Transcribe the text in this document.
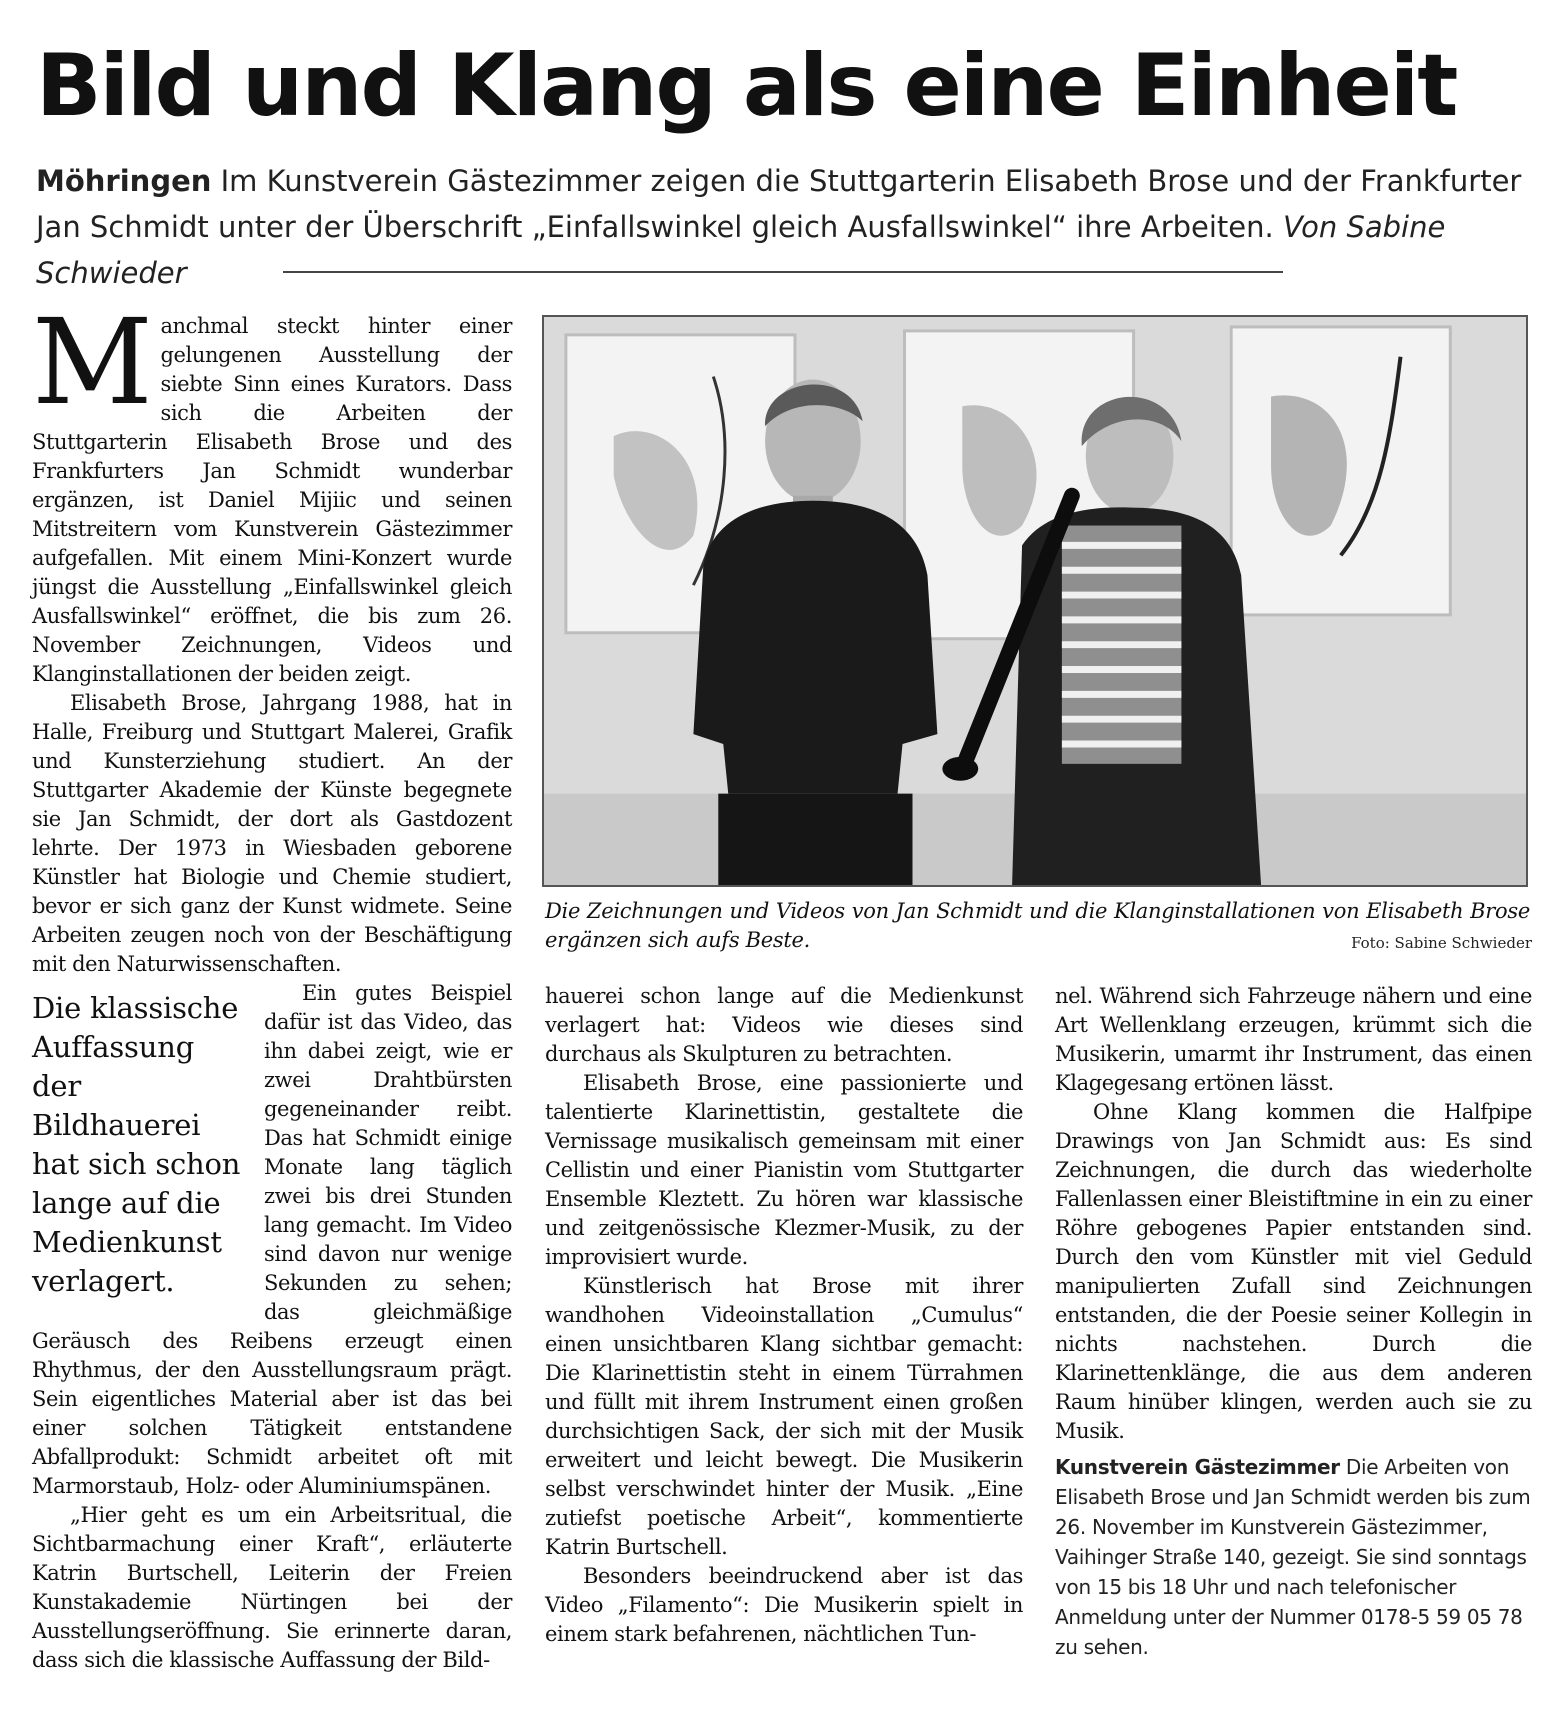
Bild und Klang als eine Einheit

Möhringen Im Kunstverein Gästezimmer zeigen die Stuttgarterin Elisabeth Brose und der Frankfurter Jan Schmidt unter der Überschrift „Einfallswinkel gleich Ausfallswinkel“ ihre Arbeiten. Von Sabine Schwieder

Manchmal steckt hinter einer gelungenen Ausstellung der siebte Sinn eines Kurators. Dass sich die Arbeiten der Stuttgarterin Elisabeth Brose und des Frankfurters Jan Schmidt wunderbar ergänzen, ist Daniel Mijiic und seinen Mitstreitern vom Kunstverein Gästezimmer aufgefallen. Mit einem Mini-Konzert wurde jüngst die Ausstellung „Einfallswinkel gleich Ausfallswinkel“ eröffnet, die bis zum 26. November Zeichnungen, Videos und Klanginstallationen der beiden zeigt.

Elisabeth Brose, Jahrgang 1988, hat in Halle, Freiburg und Stuttgart Malerei, Grafik und Kunsterziehung studiert. An der Stuttgarter Akademie der Künste begegnete sie Jan Schmidt, der dort als Gastdozent lehrte. Der 1973 in Wiesbaden geborene Künstler hat Biologie und Chemie studiert, bevor er sich ganz der Kunst widmete. Seine Arbeiten zeugen noch von der Beschäftigung mit den Naturwissenschaften.

Die klassische Auffassung der Bildhauerei hat sich schon lange auf die Medienkunst verlagert.

Ein gutes Beispiel dafür ist das Video, das ihn dabei zeigt, wie er zwei Drahtbürsten gegeneinander reibt. Das hat Schmidt einige Monate lang täglich zwei bis drei Stunden lang gemacht. Im Video sind davon nur wenige Sekunden zu sehen; das gleichmäßige Geräusch des Reibens erzeugt einen Rhythmus, der den Ausstellungsraum prägt. Sein eigentliches Material aber ist das bei einer solchen Tätigkeit entstandene Abfallprodukt: Schmidt arbeitet oft mit Marmorstaub, Holz- oder Aluminiumspänen.

„Hier geht es um ein Arbeitsritual, die Sichtbarmachung einer Kraft“, erläuterte Katrin Burtschell, Leiterin der Freien Kunstakademie Nürtingen bei der Ausstellungseröffnung. Sie erinnerte daran, dass sich die klassische Auffassung der Bild-

Die Zeichnungen und Videos von Jan Schmidt und die Klanginstallationen von Elisabeth Brose ergänzen sich aufs Beste.	Foto: Sabine Schwieder

hauerei schon lange auf die Medienkunst verlagert hat: Videos wie dieses sind durchaus als Skulpturen zu betrachten.

Elisabeth Brose, eine passionierte und talentierte Klarinettistin, gestaltete die Vernissage musikalisch gemeinsam mit einer Cellistin und einer Pianistin vom Stuttgarter Ensemble Kleztett. Zu hören war klassische und zeitgenössische Klezmer-Musik, zu der improvisiert wurde.

Künstlerisch hat Brose mit ihrer wandhohen Videoinstallation „Cumulus“ einen unsichtbaren Klang sichtbar gemacht: Die Klarinettistin steht in einem Türrahmen und füllt mit ihrem Instrument einen großen durchsichtigen Sack, der sich mit der Musik erweitert und leicht bewegt. Die Musikerin selbst verschwindet hinter der Musik. „Eine zutiefst poetische Arbeit“, kommentierte Katrin Burtschell.

Besonders beeindruckend aber ist das Video „Filamento“: Die Musikerin spielt in einem stark befahrenen, nächtlichen Tun-

nel. Während sich Fahrzeuge nähern und eine Art Wellenklang erzeugen, krümmt sich die Musikerin, umarmt ihr Instrument, das einen Klagegesang ertönen lässt.

Ohne Klang kommen die Halfpipe Drawings von Jan Schmidt aus: Es sind Zeichnungen, die durch das wiederholte Fallenlassen einer Bleistiftmine in ein zu einer Röhre gebogenes Papier entstanden sind. Durch den vom Künstler mit viel Geduld manipulierten Zufall sind Zeichnungen entstanden, die der Poesie seiner Kollegin in nichts nachstehen. Durch die Klarinettenklänge, die aus dem anderen Raum hinüber klingen, werden auch sie zu Musik.

Kunstverein Gästezimmer Die Arbeiten von Elisabeth Brose und Jan Schmidt werden bis zum 26. November im Kunstverein Gästezimmer, Vaihinger Straße 140, gezeigt. Sie sind sonntags von 15 bis 18 Uhr und nach telefonischer Anmeldung unter der Nummer 0178-5 59 05 78 zu sehen.
